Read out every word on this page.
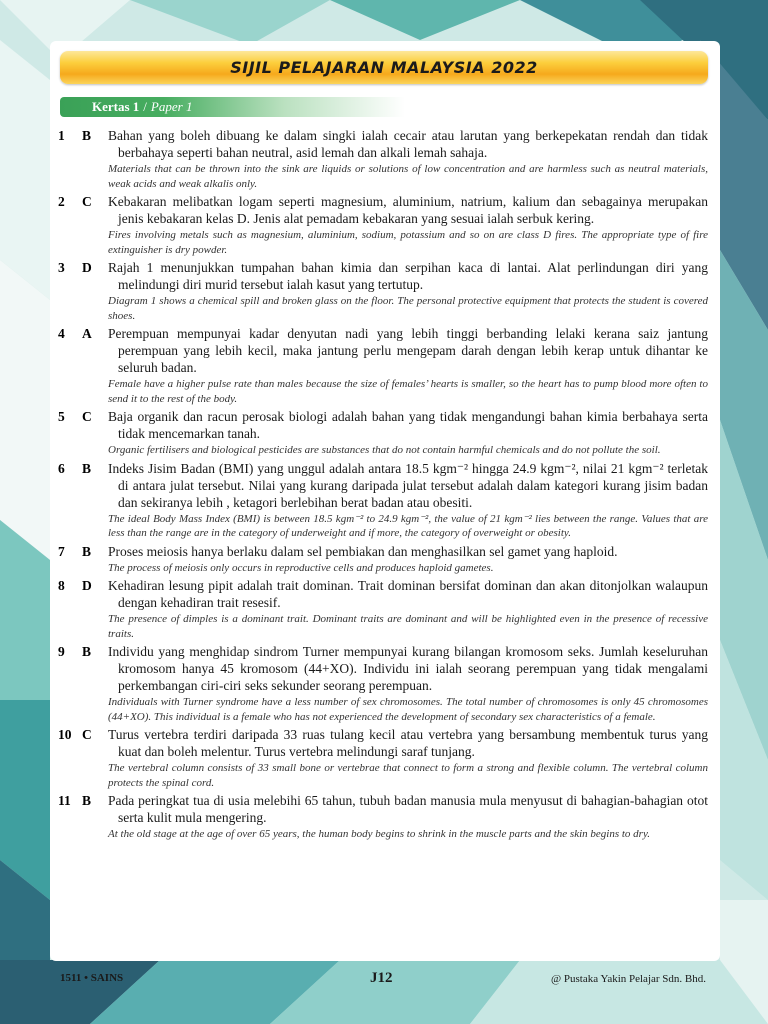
SIJIL PELAJARAN MALAYSIA 2022
Kertas 1 / Paper 1
1	B Bahan yang boleh dibuang ke dalam singki ialah cecair atau larutan yang berkepekatan rendah dan tidak berbahaya seperti bahan neutral, asid lemah dan alkali lemah sahaja.
Materials that can be thrown into the sink are liquids or solutions of low concentration and are harmless such as neutral materials, weak acids and weak alkalis only.
2	C Kebakaran melibatkan logam seperti magnesium, aluminium, natrium, kalium dan sebagainya merupakan jenis kebakaran kelas D. Jenis alat pemadam kebakaran yang sesuai ialah serbuk kering.
Fires involving metals such as magnesium, aluminium, sodium, potassium and so on are class D fires. The appropriate type of fire extinguisher is dry powder.
3	D Rajah 1 menunjukkan tumpahan bahan kimia dan serpihan kaca di lantai. Alat perlindungan diri yang melindungi diri murid tersebut ialah kasut yang tertutup.
Diagram 1 shows a chemical spill and broken glass on the floor. The personal protective equipment that protects the student is covered shoes.
4	A Perempuan mempunyai kadar denyutan nadi yang lebih tinggi berbanding lelaki kerana saiz jantung perempuan yang lebih kecil, maka jantung perlu mengepam darah dengan lebih kerap untuk dihantar ke seluruh badan.
Female have a higher pulse rate than males because the size of females’ hearts is smaller, so the heart has to pump blood more often to send it to the rest of the body.
5	C Baja organik dan racun perosak biologi adalah bahan yang tidak mengandungi bahan kimia berbahaya serta tidak mencemarkan tanah.
Organic fertilisers and biological pesticides are substances that do not contain harmful chemicals and do not pollute the soil.
6	B Indeks Jisim Badan (BMI) yang unggul adalah antara 18.5 kgm⁻² hingga 24.9 kgm⁻², nilai 21 kgm⁻² terletak di antara julat tersebut. Nilai yang kurang daripada julat tersebut adalah dalam kategori kurang jisim badan dan sekiranya lebih , ketagori berlebihan berat badan atau obesiti.
The ideal Body Mass Index (BMI) is between 18.5 kgm⁻² to 24.9 kgm⁻², the value of 21 kgm⁻² lies between the range. Values that are less than the range are in the category of underweight and if more, the category of overweight or obesity.
7	B Proses meiosis hanya berlaku dalam sel pembiakan dan menghasilkan sel gamet yang haploid.
The process of meiosis only occurs in reproductive cells and produces haploid gametes.
8	D Kehadiran lesung pipit adalah trait dominan. Trait dominan bersifat dominan dan akan ditonjolkan walaupun dengan kehadiran trait resesif.
The presence of dimples is a dominant trait. Dominant traits are dominant and will be highlighted even in the presence of recessive traits.
9	B Individu yang menghidap sindrom Turner mempunyai kurang bilangan kromosom seks. Jumlah keseluruhan kromosom hanya 45 kromosom (44+XO). Individu ini ialah seorang perempuan yang tidak mengalami perkembangan ciri-ciri seks sekunder seorang perempuan.
Individuals with Turner syndrome have a less number of sex chromosomes. The total number of chromosomes is only 45 chromosomes (44+XO). This individual is a female who has not experienced the development of secondary sex characteristics of a female.
10 C Turus vertebra terdiri daripada 33 ruas tulang kecil atau vertebra yang bersambung membentuk turus yang kuat dan boleh melentur. Turus vertebra melindungi saraf tunjang.
The vertebral column consists of 33 small bone or vertebrae that connect to form a strong and flexible column. The vertebral column protects the spinal cord.
11 B Pada peringkat tua di usia melebihi 65 tahun, tubuh badan manusia mula menyusut di bahagian-bahagian otot serta kulit mula mengering.
At the old stage at the age of over 65 years, the human body begins to shrink in the muscle parts and the skin begins to dry.
1511 • SAINS	J12	@ Pustaka Yakin Pelajar Sdn. Bhd.
